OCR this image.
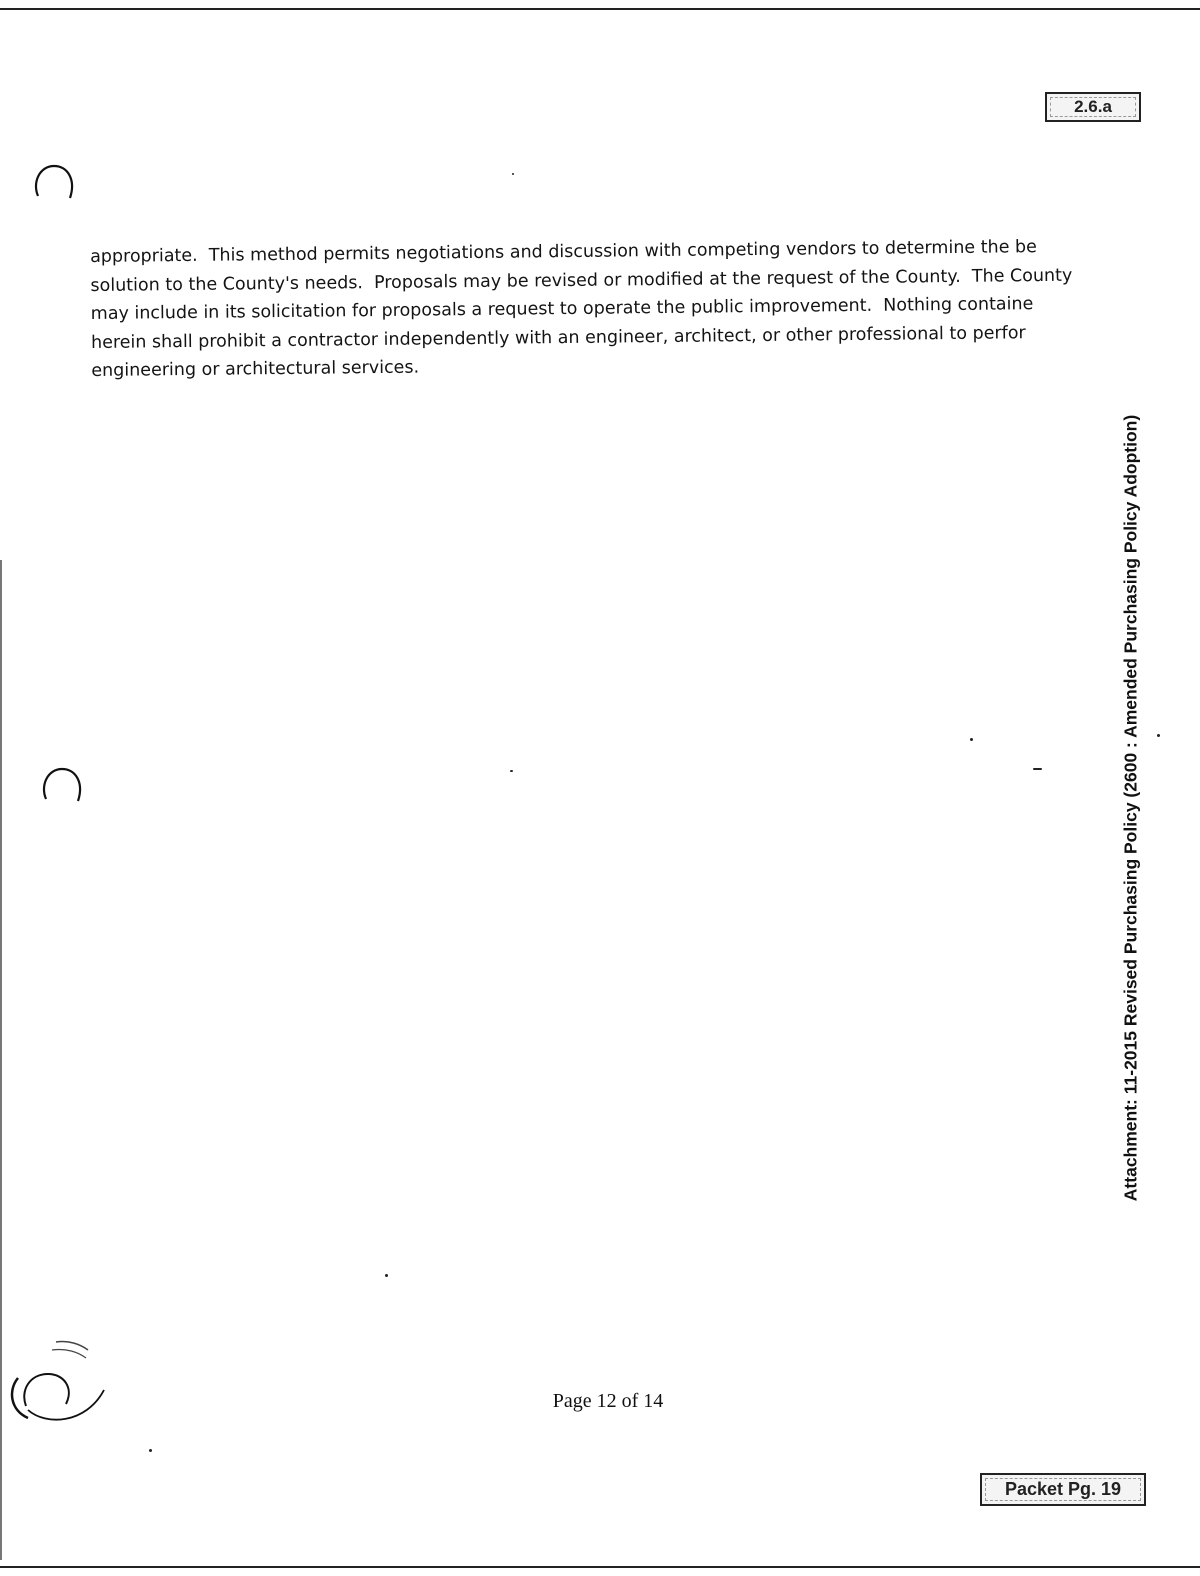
2.6.a

appropriate.  This method permits negotiations and discussion with competing vendors to determine the be
solution to the County's needs.  Proposals may be revised or modified at the request of the County.  The County
may include in its solicitation for proposals a request to operate the public improvement.  Nothing containe
herein shall prohibit a contractor independently with an engineer, architect, or other professional to perfor
engineering or architectural services.

Attachment: 11-2015 Revised Purchasing Policy (2600 : Amended Purchasing Policy Adoption)
Page 12 of 14
Packet Pg. 19
